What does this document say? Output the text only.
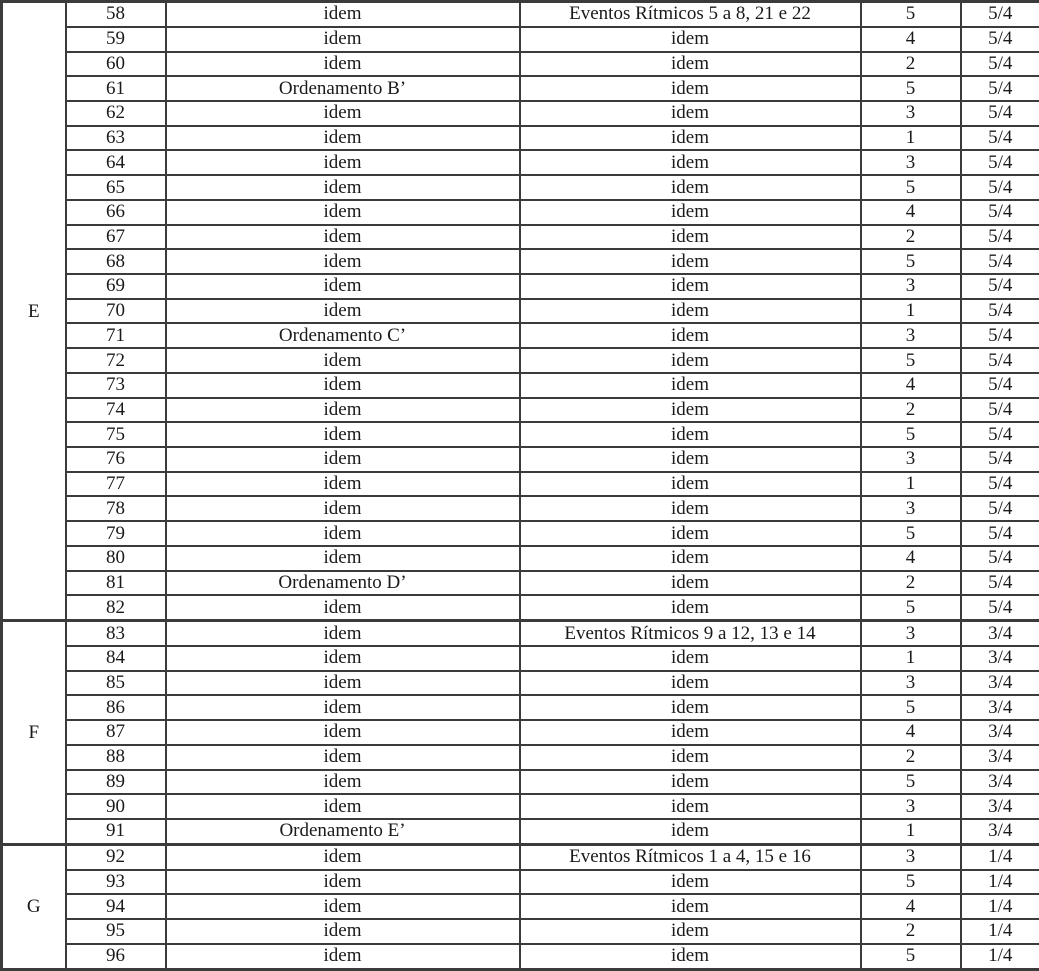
E	58	idem	Eventos Rítmicos 5 a 8, 21 e 22	5	5/4
	59	idem	idem	4	5/4
	60	idem	idem	2	5/4
	61	Ordenamento B’	idem	5	5/4
	62	idem	idem	3	5/4
	63	idem	idem	1	5/4
	64	idem	idem	3	5/4
	65	idem	idem	5	5/4
	66	idem	idem	4	5/4
	67	idem	idem	2	5/4
	68	idem	idem	5	5/4
	69	idem	idem	3	5/4
	70	idem	idem	1	5/4
	71	Ordenamento C’	idem	3	5/4
	72	idem	idem	5	5/4
	73	idem	idem	4	5/4
	74	idem	idem	2	5/4
	75	idem	idem	5	5/4
	76	idem	idem	3	5/4
	77	idem	idem	1	5/4
	78	idem	idem	3	5/4
	79	idem	idem	5	5/4
	80	idem	idem	4	5/4
	81	Ordenamento D’	idem	2	5/4
	82	idem	idem	5	5/4
F	83	idem	Eventos Rítmicos 9 a 12, 13 e 14	3	3/4
	84	idem	idem	1	3/4
	85	idem	idem	3	3/4
	86	idem	idem	5	3/4
	87	idem	idem	4	3/4
	88	idem	idem	2	3/4
	89	idem	idem	5	3/4
	90	idem	idem	3	3/4
	91	Ordenamento E’	idem	1	3/4
G	92	idem	Eventos Rítmicos 1 a 4, 15 e 16	3	1/4
	93	idem	idem	5	1/4
	94	idem	idem	4	1/4
	95	idem	idem	2	1/4
	96	idem	idem	5	1/4
